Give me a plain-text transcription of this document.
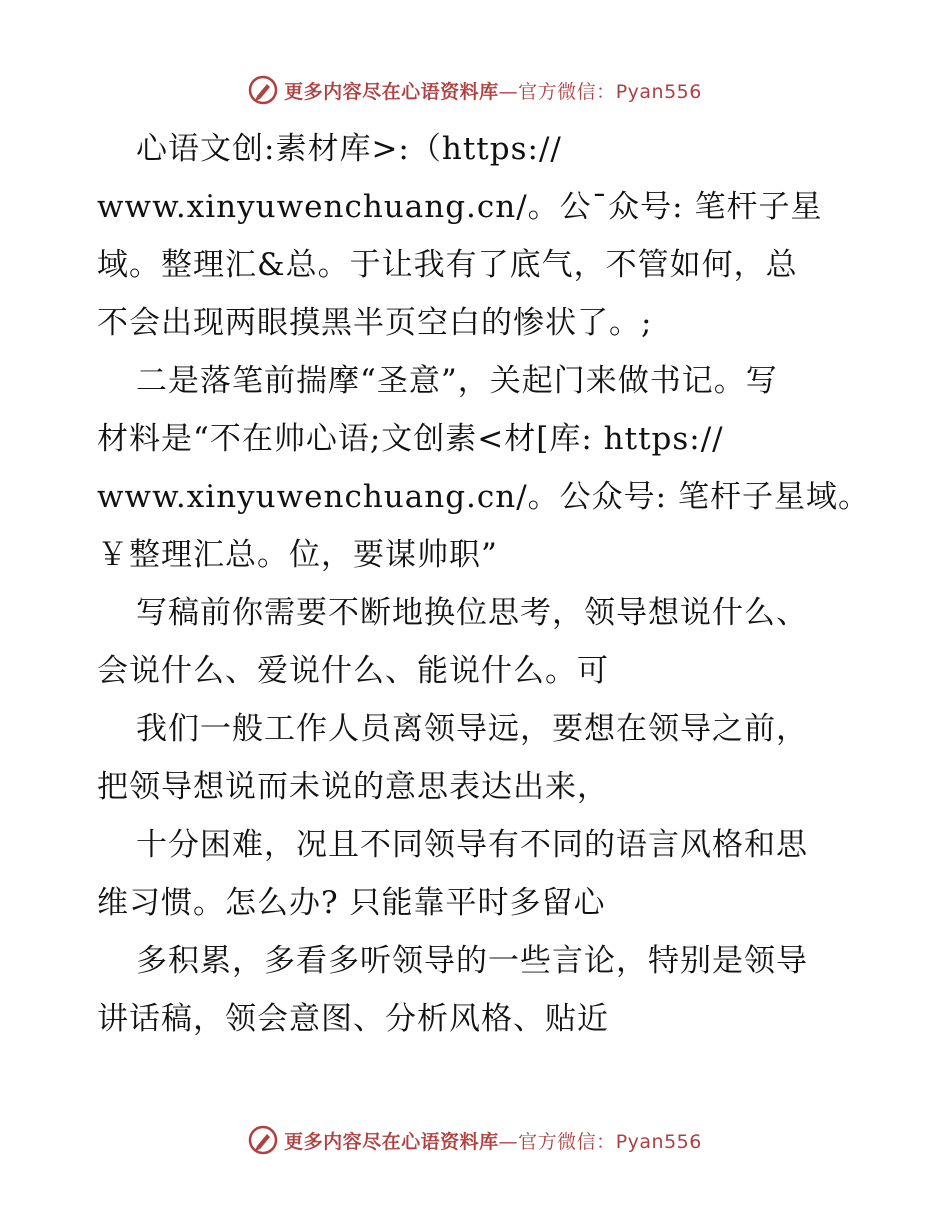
更多内容尽在心语资料库—官方微信：Pyan556
心语文创:素材库>:（https://
www.xinyuwenchuang.cn/。公¯众号: 笔杆子星
域。整理汇&总。于让我有了底气，不管如何，总
不会出现两眼摸黑半页空白的惨状了。;
二是落笔前揣摩“圣意”，关起门来做书记。写
材料是“不在帅心语;文创素<材[库: https://
www.xinyuwenchuang.cn/。公众号: 笔杆子星域。
￥整理汇总。位，要谋帅职”
写稿前你需要不断地换位思考，领导想说什么、
会说什么、爱说什么、能说什么。可
我们一般工作人员离领导远，要想在领导之前，
把领导想说而未说的意思表达出来，
十分困难，况且不同领导有不同的语言风格和思
维习惯。怎么办? 只能靠平时多留心
多积累，多看多听领导的一些言论，特别是领导
讲话稿，领会意图、分析风格、贴近
更多内容尽在心语资料库—官方微信：Pyan556
